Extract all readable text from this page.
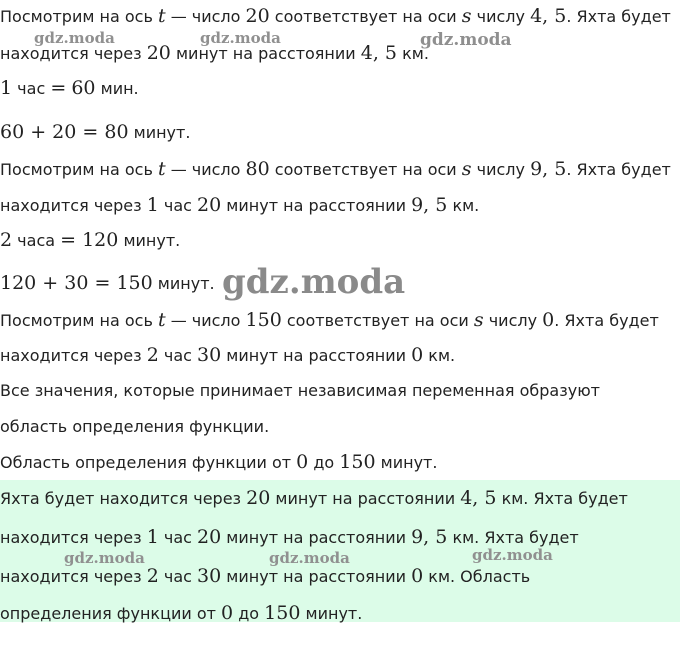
Посмотрим на ось t — число 20 соответствует на оси s числу 4, 5. Яхта будет
находится через 20 минут на расстоянии 4, 5 км.
1 час = 60 мин.
60 + 20 = 80 минут.
Посмотрим на ось t — число 80 соответствует на оси s числу 9, 5. Яхта будет
находится через 1 час 20 минут на расстоянии 9, 5 км.
2 часа = 120 минут.
120 + 30 = 150 минут.
Посмотрим на ось t — число 150 соответствует на оси s числу 0. Яхта будет
находится через 2 час 30 минут на расстоянии 0 км.
Все значения, которые принимает независимая переменная образуют
область определения функции.
Область определения функции от 0 до 150 минут.
Яхта будет находится через 20 минут на расстоянии 4, 5 км. Яхта будет
находится через 1 час 20 минут на расстоянии 9, 5 км. Яхта будет
находится через 2 час 30 минут на расстоянии 0 км. Область
определения функции от 0 до 150 минут.
gdz.moda	gdz.moda	gdz.moda
gdz.moda
gdz.moda	gdz.moda	gdz.moda
